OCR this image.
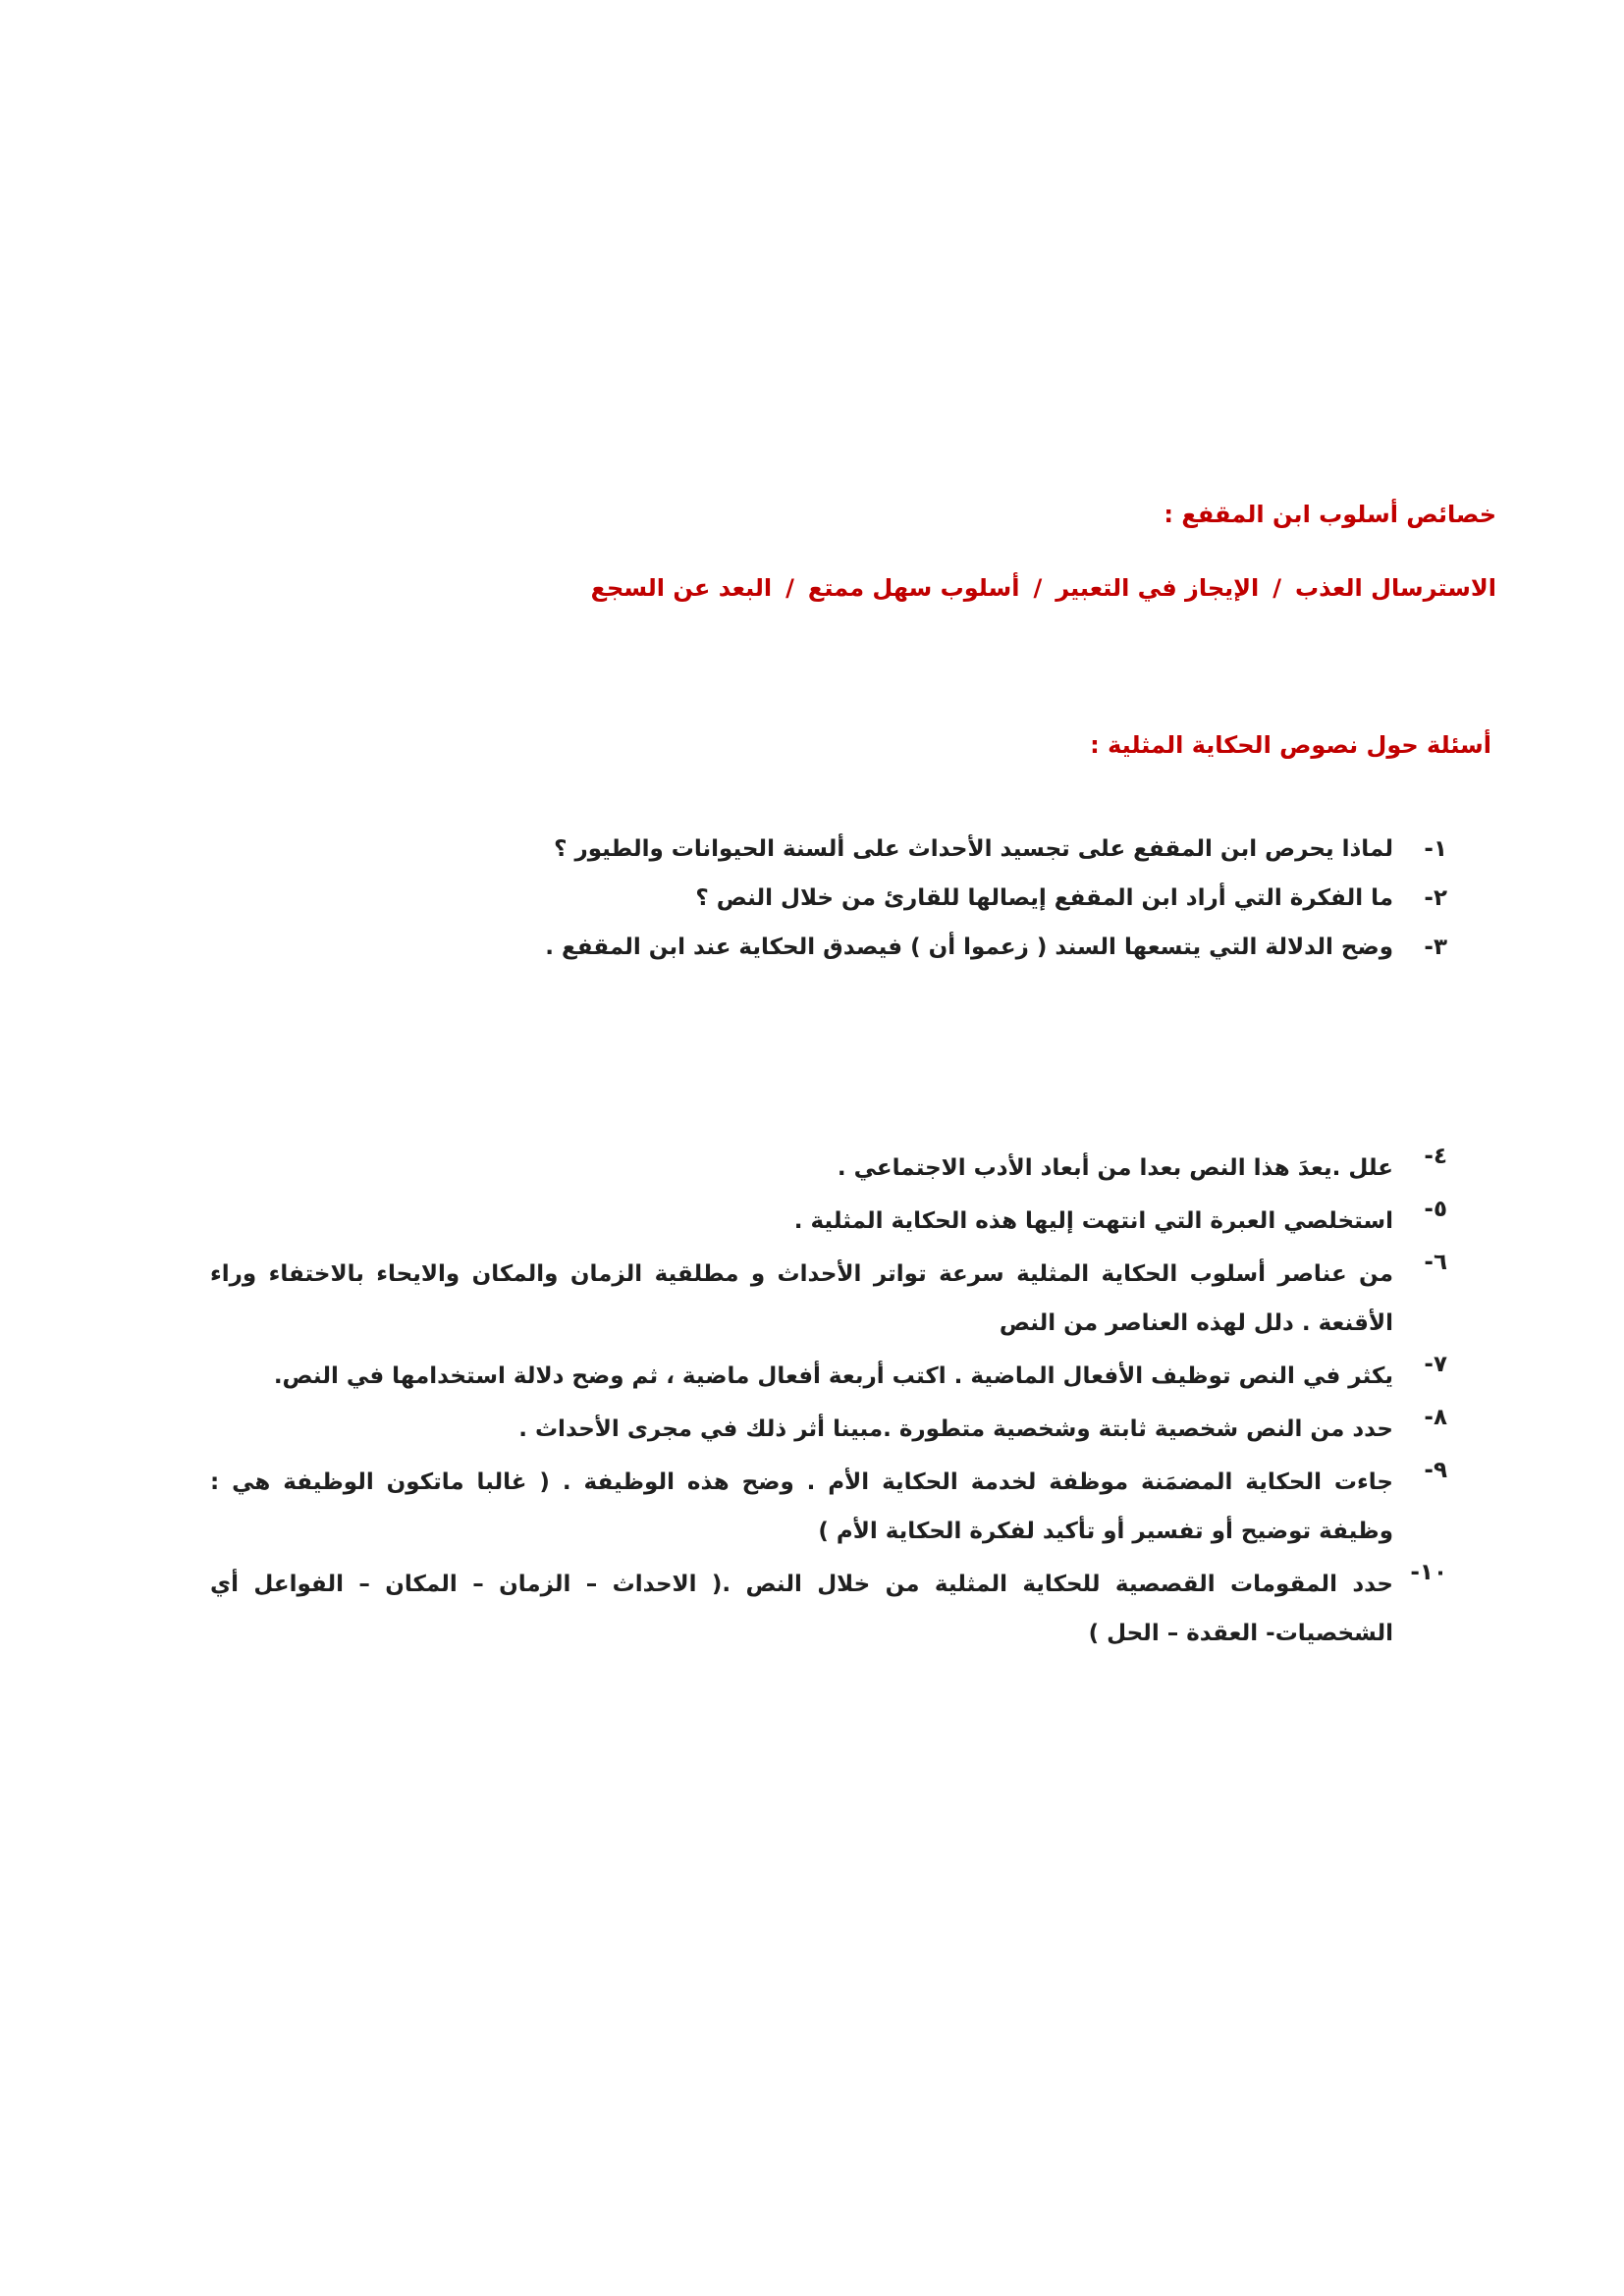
خصائص أسلوب ابن المقفع :
الاسترسال العذب/الإيجاز في التعبير/أسلوب سهل ممتع/البعد عن السجع
أسئلة حول نصوص الحكاية المثلية :
١-
لماذا يحرص ابن المقفع على تجسيد الأحداث على ألسنة الحيوانات والطيور ؟
٢-
ما الفكرة التي أراد ابن المقفع إيصالها للقارئ من خلال النص ؟
٣-
وضح الدلالة التي يتسعها السند ( زعموا أن ) فيصدق الحكاية عند ابن المقفع .
٤-
علل .يعدَ هذا النص بعدا من أبعاد الأدب الاجتماعي .
٥-
استخلصي العبرة التي انتهت إليها هذه الحكاية المثلية .
٦-
من عناصر أسلوب الحكاية المثلية سرعة تواتر الأحداث و مطلقية الزمان والمكان والايحاء بالاختفاء وراء الأقنعة . دلل لهذه العناصر من النص
٧-
يكثر في النص توظيف الأفعال الماضية . اكتب أربعة أفعال ماضية ، ثم وضح دلالة استخدامها في النص.
٨-
حدد من النص شخصية ثابتة وشخصية متطورة .مبينا أثر ذلك في مجرى الأحداث .
٩-
جاءت الحكاية المضمَنة موظفة لخدمة الحكاية الأم . وضح هذه الوظيفة . ( غالبا ماتكون الوظيفة هي : وظيفة توضيح أو تفسير أو تأكيد لفكرة الحكاية الأم )
١٠-
حدد المقومات القصصية للحكاية المثلية من خلال النص .( الاحداث – الزمان – المكان – الفواعل أي الشخصيات- العقدة – الحل )
